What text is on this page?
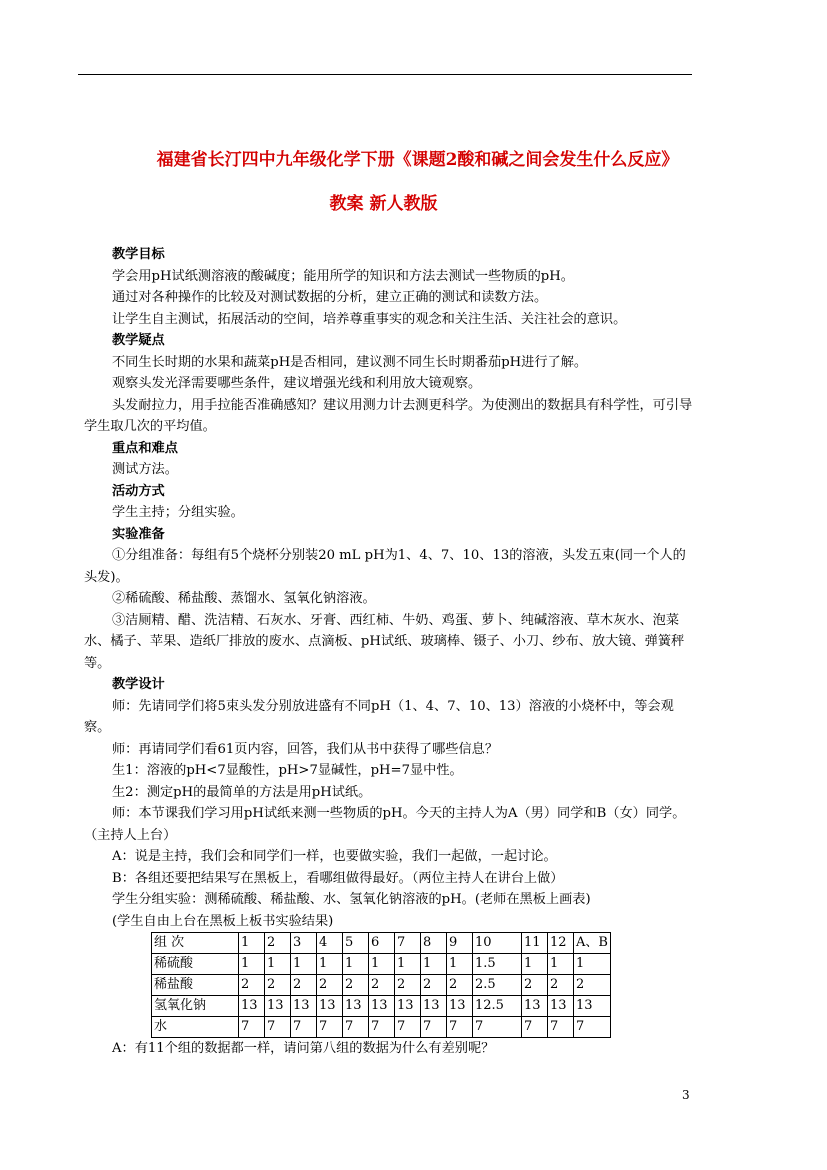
福建省长汀四中九年级化学下册《课题2酸和碱之间会发生什么反应》
教案 新人教版
教学目标
学会用pH试纸测溶液的酸碱度；能用所学的知识和方法去测试一些物质的pH。
通过对各种操作的比较及对测试数据的分析，建立正确的测试和读数方法。
让学生自主测试，拓展活动的空间，培养尊重事实的观念和关注生活、关注社会的意识。
教学疑点
不同生长时期的水果和蔬菜pH是否相同，建议测不同生长时期番茄pH进行了解。
观察头发光泽需要哪些条件，建议增强光线和利用放大镜观察。
头发耐拉力，用手拉能否准确感知？建议用测力计去测更科学。为使测出的数据具有科学性，可引导学生取几次的平均值。
重点和难点
测试方法。
活动方式
学生主持；分组实验。
实验准备
①分组准备：每组有5个烧杯分别装20 mL pH为1、4、7、10、13的溶液，头发五束(同一个人的头发)。
②稀硫酸、稀盐酸、蒸馏水、氢氧化钠溶液。
③洁厕精、醋、洗洁精、石灰水、牙膏、西红柿、牛奶、鸡蛋、萝卜、纯碱溶液、草木灰水、泡菜水、橘子、苹果、造纸厂排放的废水、点滴板、pH试纸、玻璃棒、镊子、小刀、纱布、放大镜、弹簧秤等。
教学设计
师：先请同学们将5束头发分别放进盛有不同pH（1、4、7、10、13）溶液的小烧杯中，等会观察。
师：再请同学们看61页内容，回答，我们从书中获得了哪些信息？
生1：溶液的pH<7显酸性，pH>7显碱性，pH=7显中性。
生2：测定pH的最简单的方法是用pH试纸。
师：本节课我们学习用pH试纸来测一些物质的pH。今天的主持人为A（男）同学和B（女）同学。（主持人上台）
A：说是主持，我们会和同学们一样，也要做实验，我们一起做，一起讨论。
B：各组还要把结果写在黑板上，看哪组做得最好。（两位主持人在讲台上做）
学生分组实验：测稀硫酸、稀盐酸、水、氢氧化钠溶液的pH。(老师在黑板上画表)
(学生自由上台在黑板上板书实验结果)
组 次	1	2	3	4	5	6	7	8	9	10	11	12	A、B
稀硫酸	1	1	1	1	1	1	1	1	1	1.5	1	1	1
稀盐酸	2	2	2	2	2	2	2	2	2	2.5	2	2	2
氢氧化钠	13	13	13	13	13	13	13	13	13	12.5	13	13	13
水	7	7	7	7	7	7	7	7	7	7	7	7	7
A：有11个组的数据都一样，请问第八组的数据为什么有差别呢？
3
